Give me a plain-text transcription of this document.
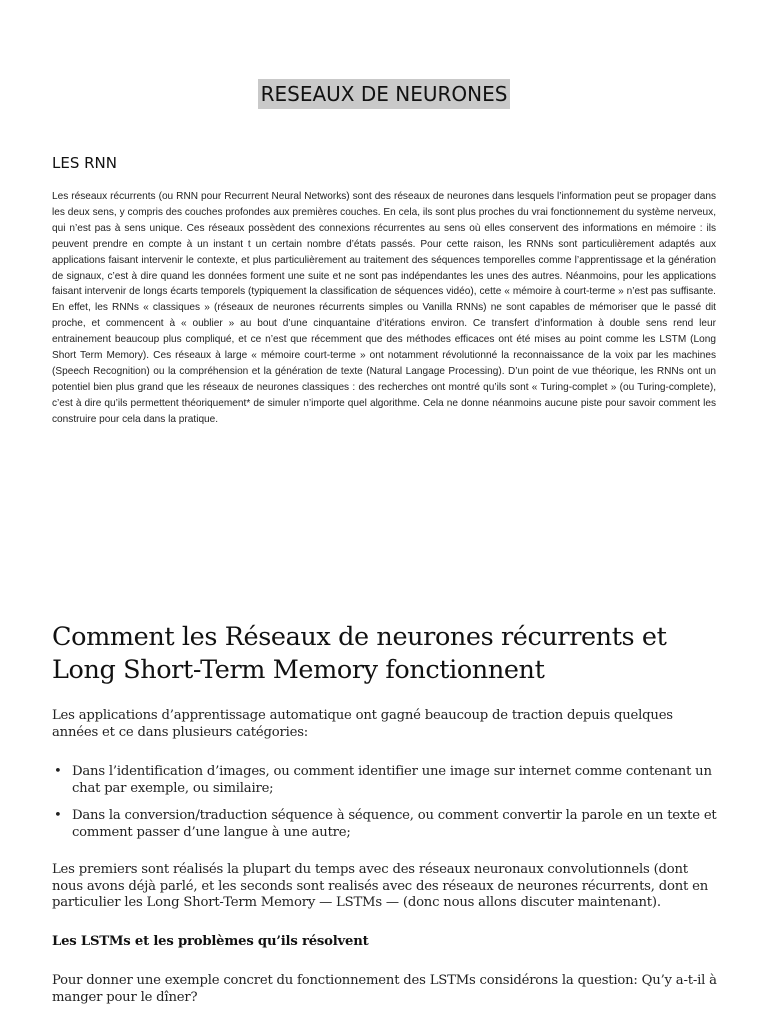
RESEAUX DE NEURONES
LES RNN

Les réseaux récurrents (ou RNN pour Recurrent Neural Networks) sont des réseaux de neurones dans lesquels l’information peut se propager dans les deux sens, y compris des couches profondes aux premières couches. En cela, ils sont plus proches du vrai fonctionnement du système nerveux, qui n’est pas à sens unique. Ces réseaux possèdent des connexions récurrentes au sens où elles conservent des informations en mémoire : ils peuvent prendre en compte à un instant t un certain nombre d’états passés. Pour cette raison, les RNNs sont particulièrement adaptés aux applications faisant intervenir le contexte, et plus particulièrement au traitement des séquences temporelles comme l’apprentissage et la génération de signaux, c’est à dire quand les données forment une suite et ne sont pas indépendantes les unes des autres. Néanmoins, pour les applications faisant intervenir de longs écarts temporels (typiquement la classification de séquences vidéo), cette « mémoire à court-terme » n’est pas suffisante. En effet, les RNNs « classiques » (réseaux de neurones récurrents simples ou Vanilla RNNs) ne sont capables de mémoriser que le passé dit proche, et commencent à « oublier » au bout d’une cinquantaine d’itérations environ. Ce transfert d’information à double sens rend leur entrainement beaucoup plus compliqué, et ce n’est que récemment que des méthodes efficaces ont été mises au point comme les LSTM (Long Short Term Memory). Ces réseaux à large « mémoire court-terme » ont notamment révolutionné la reconnaissance de la voix par les machines (Speech Recognition) ou la compréhension et la génération de texte (Natural Langage Processing). D’un point de vue théorique, les RNNs ont un potentiel bien plus grand que les réseaux de neurones classiques : des recherches ont montré qu’ils sont « Turing-complet » (ou Turing-complete), c’est à dire qu’ils permettent théoriquement* de simuler n’importe quel algorithme. Cela ne donne néanmoins aucune piste pour savoir comment les construire pour cela dans la pratique.

Comment les Réseaux de neurones récurrents et Long Short-Term Memory fonctionnent

Les applications d’apprentissage automatique ont gagné beaucoup de traction depuis quelques années et ce dans plusieurs catégories:

• Dans l’identification d’images, ou comment identifier une image sur internet comme contenant un chat par exemple, ou similaire;
• Dans la conversion/traduction séquence à séquence, ou comment convertir la parole en un texte et comment passer d’une langue à une autre;

Les premiers sont réalisés la plupart du temps avec des réseaux neuronaux convolutionnels (dont nous avons déjà parlé, et les seconds sont realisés avec des réseaux de neurones récurrents, dont en particulier les Long Short-Term Memory — LSTMs — (donc nous allons discuter maintenant).

Les LSTMs et les problèmes qu’ils résolvent

Pour donner une exemple concret du fonctionnement des LSTMs considérons la question: Qu’y a-t-il à manger pour le dîner?
